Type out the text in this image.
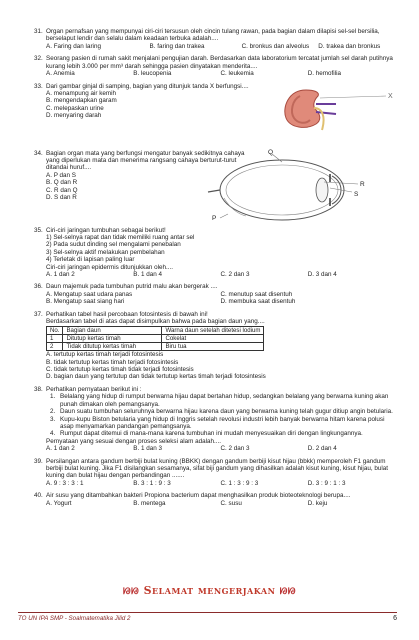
31. Organ pernafsan yang mempunyai ciri-ciri tersusun oleh cincin tulang rawan, pada bagian dalam dilapisi sel-sel bersilia, berselaput lendir dan selalu dalam keadaan terbuka adalah....
A. Faring dan laring	B. faring dan trakea	C. bronkus dan alveolus	D. trakea dan bronkus
32. Seorang pasien di rumah sakit menjalani pengujian darah. Berdasarkan data laboratorium tercatat jumlah sel darah putihnya kurang lebih 3.000 per mm³ darah sehingga pasien dinyatakan menderita....
A. Anemia	B. leucopenia	C. leukemia	D. hemofilia
33. Dari gambar ginjal di samping, bagian yang ditunjuk tanda X berfungsi....
A. menampung air kemih
B. mengendapkan garam
C. melepaskan urine
D. menyaring darah
34. Bagian organ mata yang berfungsi mengatur banyak sedikitnya cahaya yang diperlukan mata dan menerima rangsang cahaya berturut-turut ditandai huruf....
A. P dan S
B. Q dan R
C. R dan Q
D. S dan R
35. Ciri-ciri jaringan tumbuhan sebagai berikut!
1) Sel-selnya rapat dan tidak memiliki ruang antar sel
2) Pada sudut dinding sel mengalami penebalan
3) Sel-selnya aktif melakukan pembelahan
4) Terletak di lapisan paling luar
Ciri-ciri jaringan epidermis ditunjukkan oleh....
A. 1 dan 2	B. 1 dan 4	C. 2 dan 3	D. 3 dan 4
36. Daun majemuk pada tumbuhan putrid malu akan bergerak ....
A. Mengatup saat udara panas	C. menutup saat disentuh
B. Mengatup saat siang hari	D. membuka saat disentuh
37. Perhatikan tabel hasil percobaan fotosintesis di bawah ini!
Berdasarkan tabel di atas dapat disimpulkan bahwa pada bagian daun yang....
No.	Bagian daun	Warna daun setelah ditetesi lodium
1	Ditutup kertas timah	Cokelat
2	Tidak ditutup kertas timah	Biru tua
A. tertutup kertas timah terjadi fotosintesis
B. tidak tertutup kertas timah terjadi fotosintesis
C. tidak tertutup kertas timah tidak terjadi fotosintesis
D. bagian daun yang tertutup dan tidak tertutup kertas timah terjadi fotosintesis
38. Perhatikan pernyataan berikut ini :
1. Belalang yang hidup di rumput berwarna hijau dapat bertahan hidup, sedangkan belalang yang berwarna kuning akan punah dimakan oleh pemangsanya.
2. Daun suatu tumbuhan seluruhnya berwarna hijau karena daun yang berwarna kuning telah gugur ditiup angin betularia.
3. Kupu-kupu Biston betularia yang hidup di Inggris setelah revolusi industri lebih banyak berwarna hitam karena polusi asap menyamarkan pandangan pemangsanya.
4. Rumput dapat ditemui di mana-mana karena tumbuhan ini mudah menyesuaikan diri dengan lingkungannya.
Pernyataan yang sesuai dengan proses seleksi alam adalah....
A. 1 dan 2	B. 1 dan 3	C. 2 dan 3	D. 2 dan 4
39. Persilangan antara gandum berbiji bulat kuning (BBKK) dengan gandum berbiji kisut hijau (bbkk) memperoleh F1 gandum berbiji bulat kuning. Jika F1 disilangkan sesamanya, sifat biji gandum yang dihasilkan adalah kisut kuning, kisut hijau, bulat kuning dan bulat hijau dengan perbandingan .......
A. 9 : 3 : 3 : 1	B. 3 : 1 : 9 : 3	C. 1 : 3 : 9 : 3	D. 3 : 9 : 1 : 3
40. Air susu yang ditambahkan bakteri Propiona bacterium dapat menghasilkan produk bioteoteknologi berupa....
A. Yogurt	B. mentega	C. susu	D. keju
X
Q
R
S
P
ᘘᘘ Selamat mengerjakan ᘘᘘ
TO UN IPA SMP - Soalmatematika Jilid 2	6
